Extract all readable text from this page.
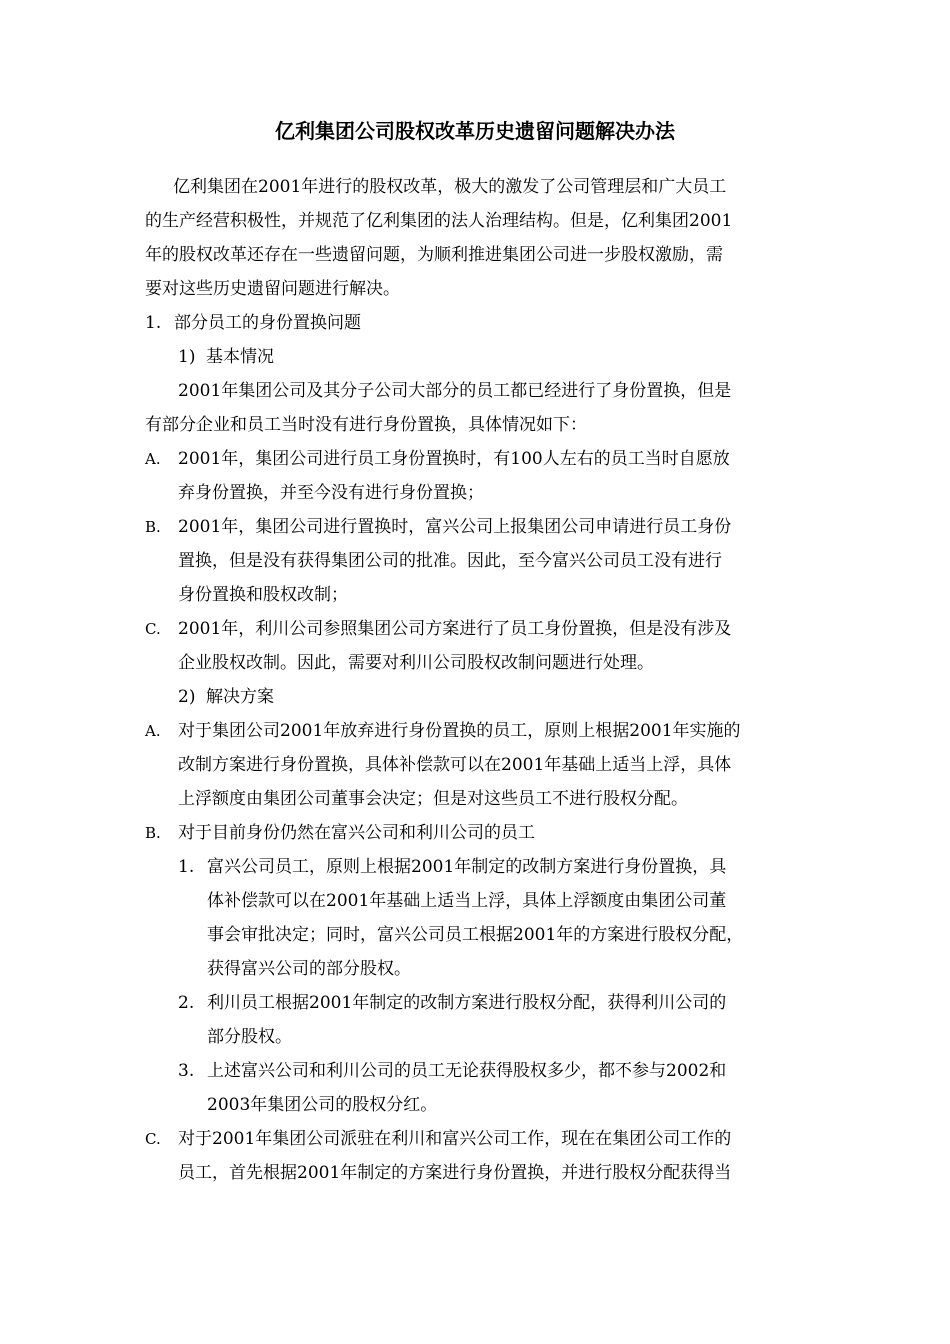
亿利集团公司股权改革历史遗留问题解决办法
亿利集团在2001年进行的股权改革，极大的激发了公司管理层和广大员工
的生产经营积极性，并规范了亿利集团的法人治理结构。但是，亿利集团2001
年的股权改革还存在一些遗留问题，为顺利推进集团公司进一步股权激励，需
要对这些历史遗留问题进行解决。
1. 部分员工的身份置换问题
1) 基本情况
2001年集团公司及其分子公司大部分的员工都已经进行了身份置换，但是
有部分企业和员工当时没有进行身份置换，具体情况如下：
A. 2001年，集团公司进行员工身份置换时，有100人左右的员工当时自愿放
弃身份置换，并至今没有进行身份置换；
B. 2001年，集团公司进行置换时，富兴公司上报集团公司申请进行员工身份
置换，但是没有获得集团公司的批准。因此，至今富兴公司员工没有进行
身份置换和股权改制；
C. 2001年，利川公司参照集团公司方案进行了员工身份置换，但是没有涉及
企业股权改制。因此，需要对利川公司股权改制问题进行处理。
2) 解决方案
A. 对于集团公司2001年放弃进行身份置换的员工，原则上根据2001年实施的
改制方案进行身份置换，具体补偿款可以在2001年基础上适当上浮，具体
上浮额度由集团公司董事会决定；但是对这些员工不进行股权分配。
B. 对于目前身份仍然在富兴公司和利川公司的员工
1. 富兴公司员工，原则上根据2001年制定的改制方案进行身份置换，具
体补偿款可以在2001年基础上适当上浮，具体上浮额度由集团公司董
事会审批决定；同时，富兴公司员工根据2001年的方案进行股权分配，
获得富兴公司的部分股权。
2. 利川员工根据2001年制定的改制方案进行股权分配，获得利川公司的
部分股权。
3. 上述富兴公司和利川公司的员工无论获得股权多少，都不参与2002和
2003年集团公司的股权分红。
C. 对于2001年集团公司派驻在利川和富兴公司工作，现在在集团公司工作的
员工，首先根据2001年制定的方案进行身份置换，并进行股权分配获得当
